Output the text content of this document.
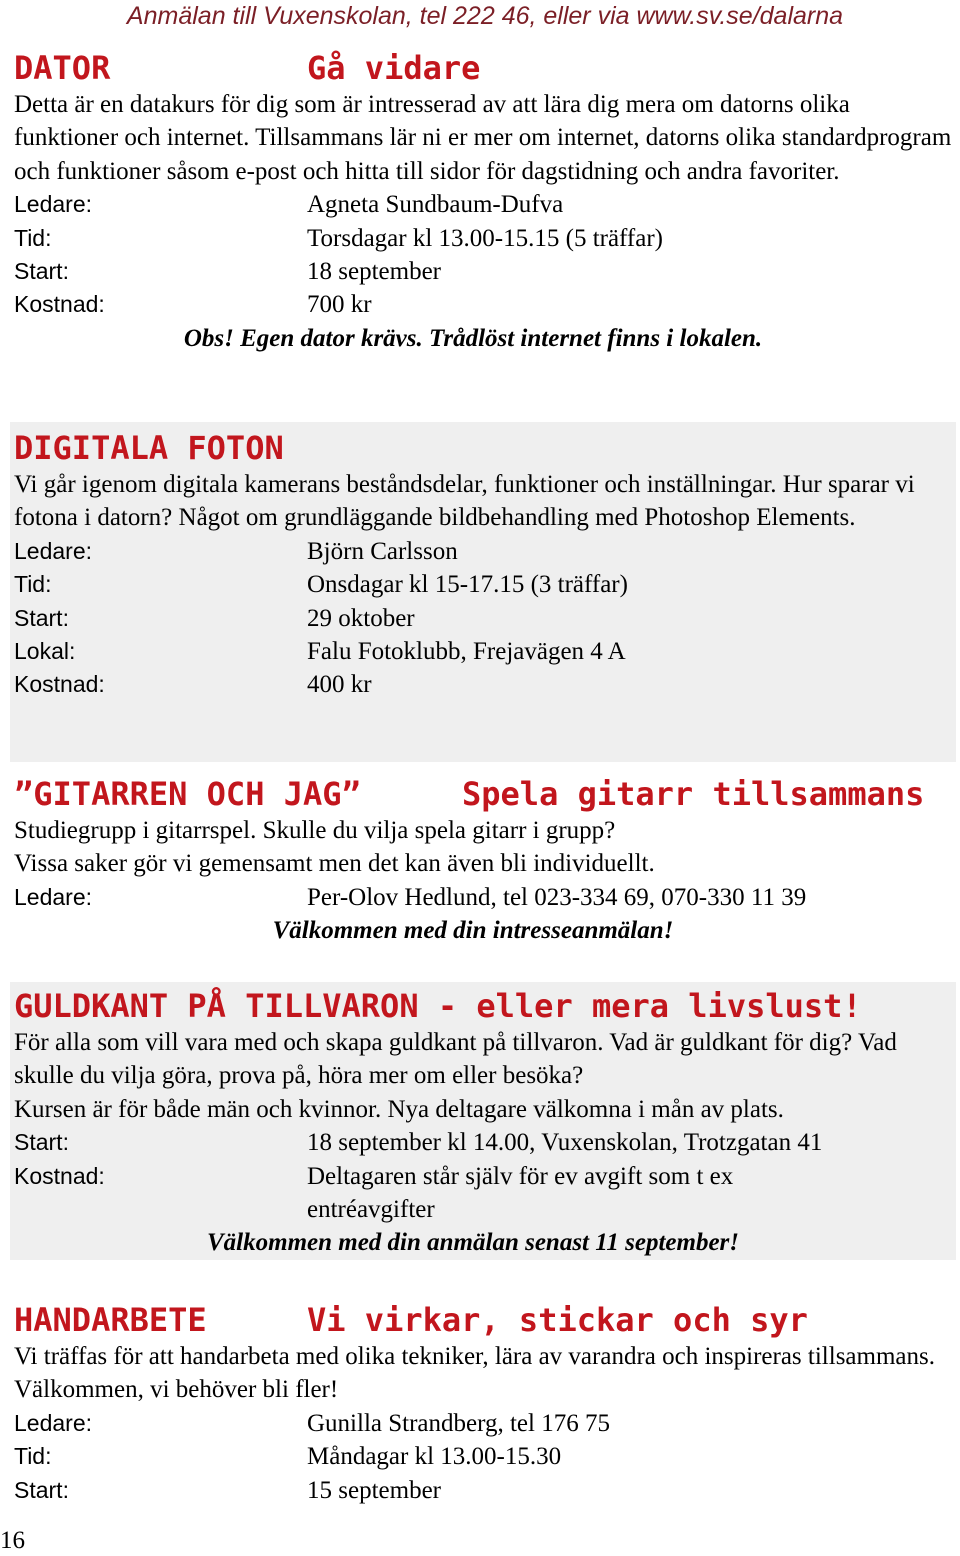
Anmälan till Vuxenskolan, tel 222 46, eller via www.sv.se/dalarna
DATOR	Gå vidare
Detta är en datakurs för dig som är intresserad av att lära dig mera om datorns olika funktioner och internet. Tillsammans lär ni er mer om internet, datorns olika standardprogram och funktioner såsom e-post och hitta till sidor för dagstidning och andra favoriter.
Ledare:	Agneta Sundbaum-Dufva
Tid:	Torsdagar kl 13.00-15.15 (5 träffar)
Start:	18 september
Kostnad:	700 kr
Obs! Egen dator krävs. Trådlöst internet finns i lokalen.
DIGITALA FOTON
Vi går igenom digitala kamerans beståndsdelar, funktioner och inställningar. Hur sparar vi fotona i datorn? Något om grundläggande bildbehandling med Photoshop Elements.
Ledare:	Björn Carlsson
Tid:	Onsdagar kl 15-17.15 (3 träffar)
Start:	29 oktober
Lokal:	Falu Fotoklubb, Frejavägen 4 A
Kostnad:	400 kr
”GITARREN OCH JAG”	Spela gitarr tillsammans
Studiegrupp i gitarrspel. Skulle du vilja spela gitarr i grupp?
Vissa saker gör vi gemensamt men det kan även bli individuellt.
Ledare:	Per-Olov Hedlund, tel 023-334 69, 070-330 11 39
Välkommen med din intresseanmälan!
GULDKANT PÅ TILLVARON - eller mera livslust!
För alla som vill vara med och skapa guldkant på tillvaron. Vad är guldkant för dig? Vad skulle du vilja göra, prova på, höra mer om eller besöka?
Kursen är för både män och kvinnor. Nya deltagare välkomna i mån av plats.
Start:	18 september kl 14.00, Vuxenskolan, Trotzgatan 41
Kostnad:	Deltagaren står själv för ev avgift som t ex entréavgifter
Välkommen med din anmälan senast 11 september!
HANDARBETE	Vi virkar, stickar och syr
Vi träffas för att handarbeta med olika tekniker, lära av varandra och inspireras tillsammans. Välkommen, vi behöver bli fler!
Ledare:	Gunilla Strandberg, tel 176 75
Tid:	Måndagar kl 13.00-15.30
Start:	15 september
16
